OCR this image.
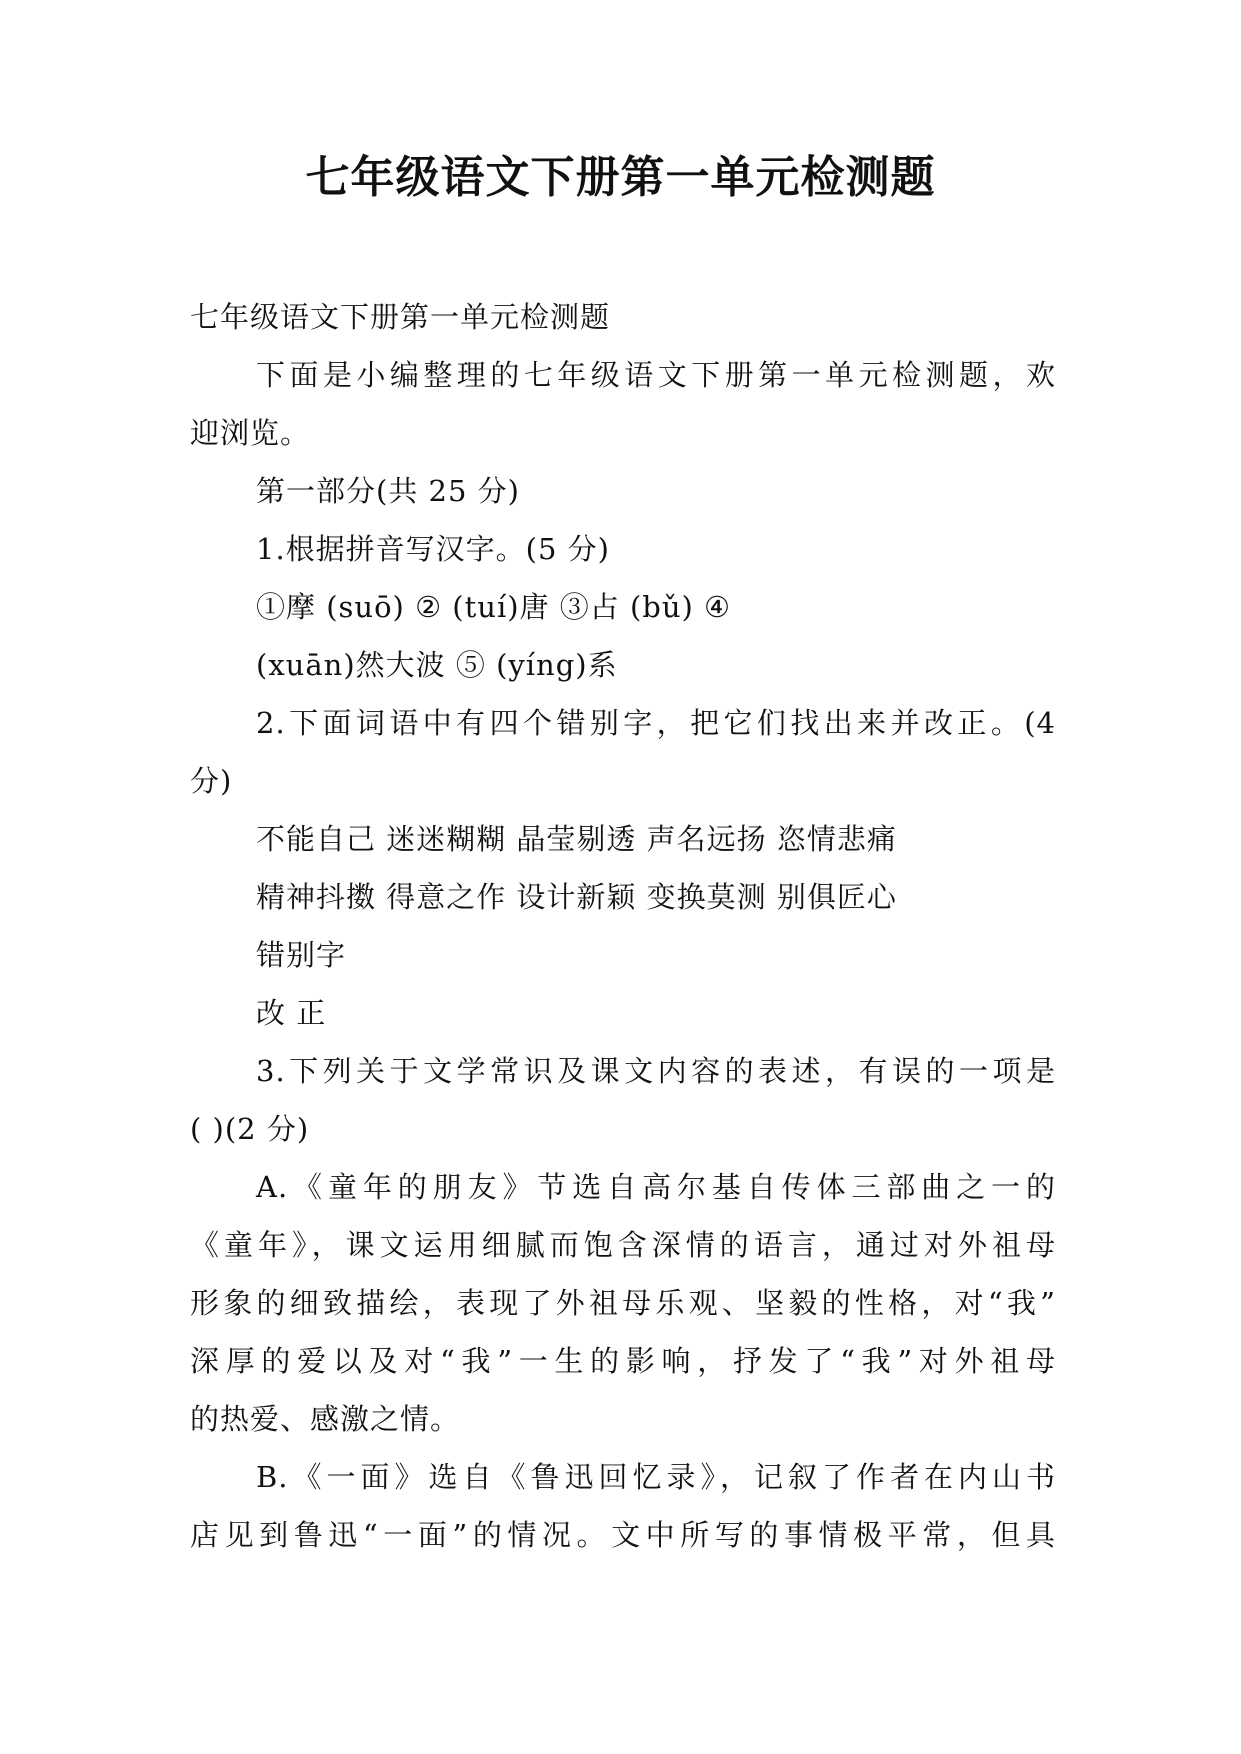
七年级语文下册第一单元检测题
七年级语文下册第一单元检测题
下面是小编整理的七年级语文下册第一单元检测题，欢
迎浏览。
第一部分(共 25 分)
1.根据拼音写汉字。(5 分)
①摩 (suō) ② (tuí)唐 ③占 (bǔ) ④
(xuān)然大波 ⑤ (yíng)系
2.下面词语中有四个错别字，把它们找出来并改正。(4
分)
不能自己 迷迷糊糊 晶莹剔透 声名远扬 恣情悲痛
精神抖擞 得意之作 设计新颖 变换莫测 别俱匠心
错别字
改 正
3.下列关于文学常识及课文内容的表述，有误的一项是
( )(2 分)
A.《童年的朋友》节选自高尔基自传体三部曲之一的
《童年》，课文运用细腻而饱含深情的语言，通过对外祖母
形象的细致描绘，表现了外祖母乐观、坚毅的性格，对“我”
深厚的爱以及对“我”一生的影响，抒发了“我”对外祖母
的热爱、感激之情。
B.《一面》选自《鲁迅回忆录》，记叙了作者在内山书
店见到鲁迅“一面”的情况。文中所写的事情极平常，但具
